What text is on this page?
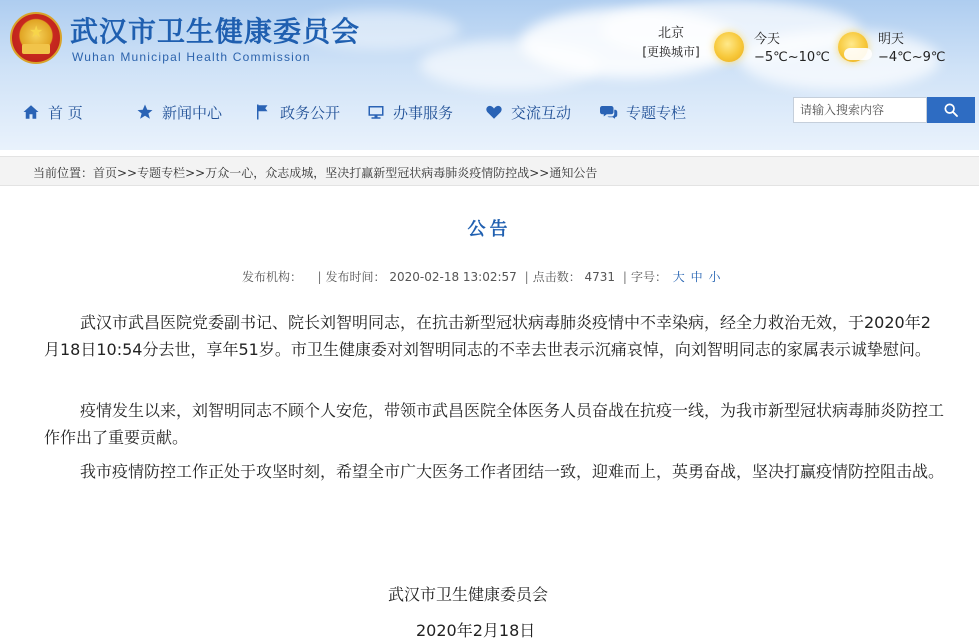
★ 武汉市卫生健康委员会
Wuhan Municipal Health Commission
北京
[更换城市]
今天
−5℃~10℃
明天
−4℃~9℃
首 页	新闻中心	政务公开	办事服务	交流互动	专题专栏
请输入搜索内容
当前位置：首页>>专题专栏>>万众一心，众志成城，坚决打赢新型冠状病毒肺炎疫情防控战>>通知公告
公告
发布机构：   | 发布时间： 2020-02-18 13:02:57 | 点击数： 4731 | 字号： 大 中 小

武汉市武昌医院党委副书记、院长刘智明同志，在抗击新型冠状病毒肺炎疫情中不幸染病，经全力救治无效，于2020年2月18日10:54分去世，享年51岁。市卫生健康委对刘智明同志的不幸去世表示沉痛哀悼，向刘智明同志的家属表示诚挚慰问。

疫情发生以来，刘智明同志不顾个人安危，带领市武昌医院全体医务人员奋战在抗疫一线，为我市新型冠状病毒肺炎防控工作作出了重要贡献。

我市疫情防控工作正处于攻坚时刻，希望全市广大医务工作者团结一致，迎难而上，英勇奋战，坚决打赢疫情防控阻击战。

武汉市卫生健康委员会
2020年2月18日
